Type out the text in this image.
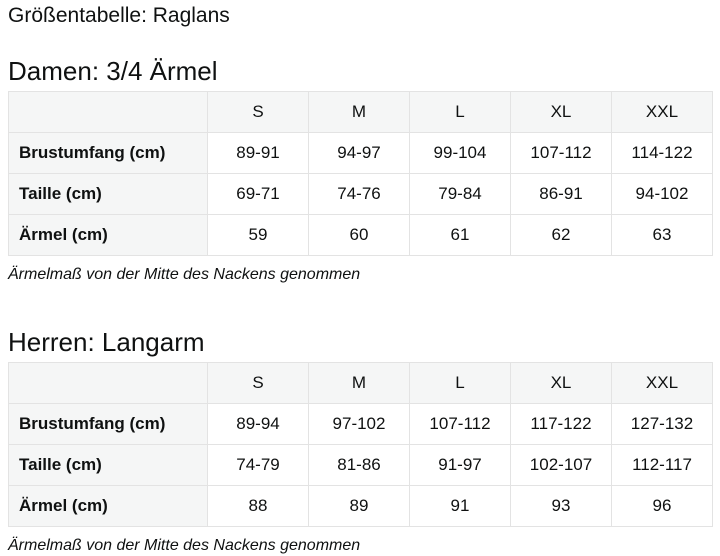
Größentabelle: Raglans
Damen: 3/4 Ärmel
	S	M	L	XL	XXL
Brustumfang (cm)	89-91	94-97	99-104	107-112	114-122
Taille (cm)	69-71	74-76	79-84	86-91	94-102
Ärmel (cm)	59	60	61	62	63

Ärmelmaß von der Mitte des Nackens genommen

Herren: Langarm
	S	M	L	XL	XXL
Brustumfang (cm)	89-94	97-102	107-112	117-122	127-132
Taille (cm)	74-79	81-86	91-97	102-107	112-117
Ärmel (cm)	88	89	91	93	96

Ärmelmaß von der Mitte des Nackens genommen
